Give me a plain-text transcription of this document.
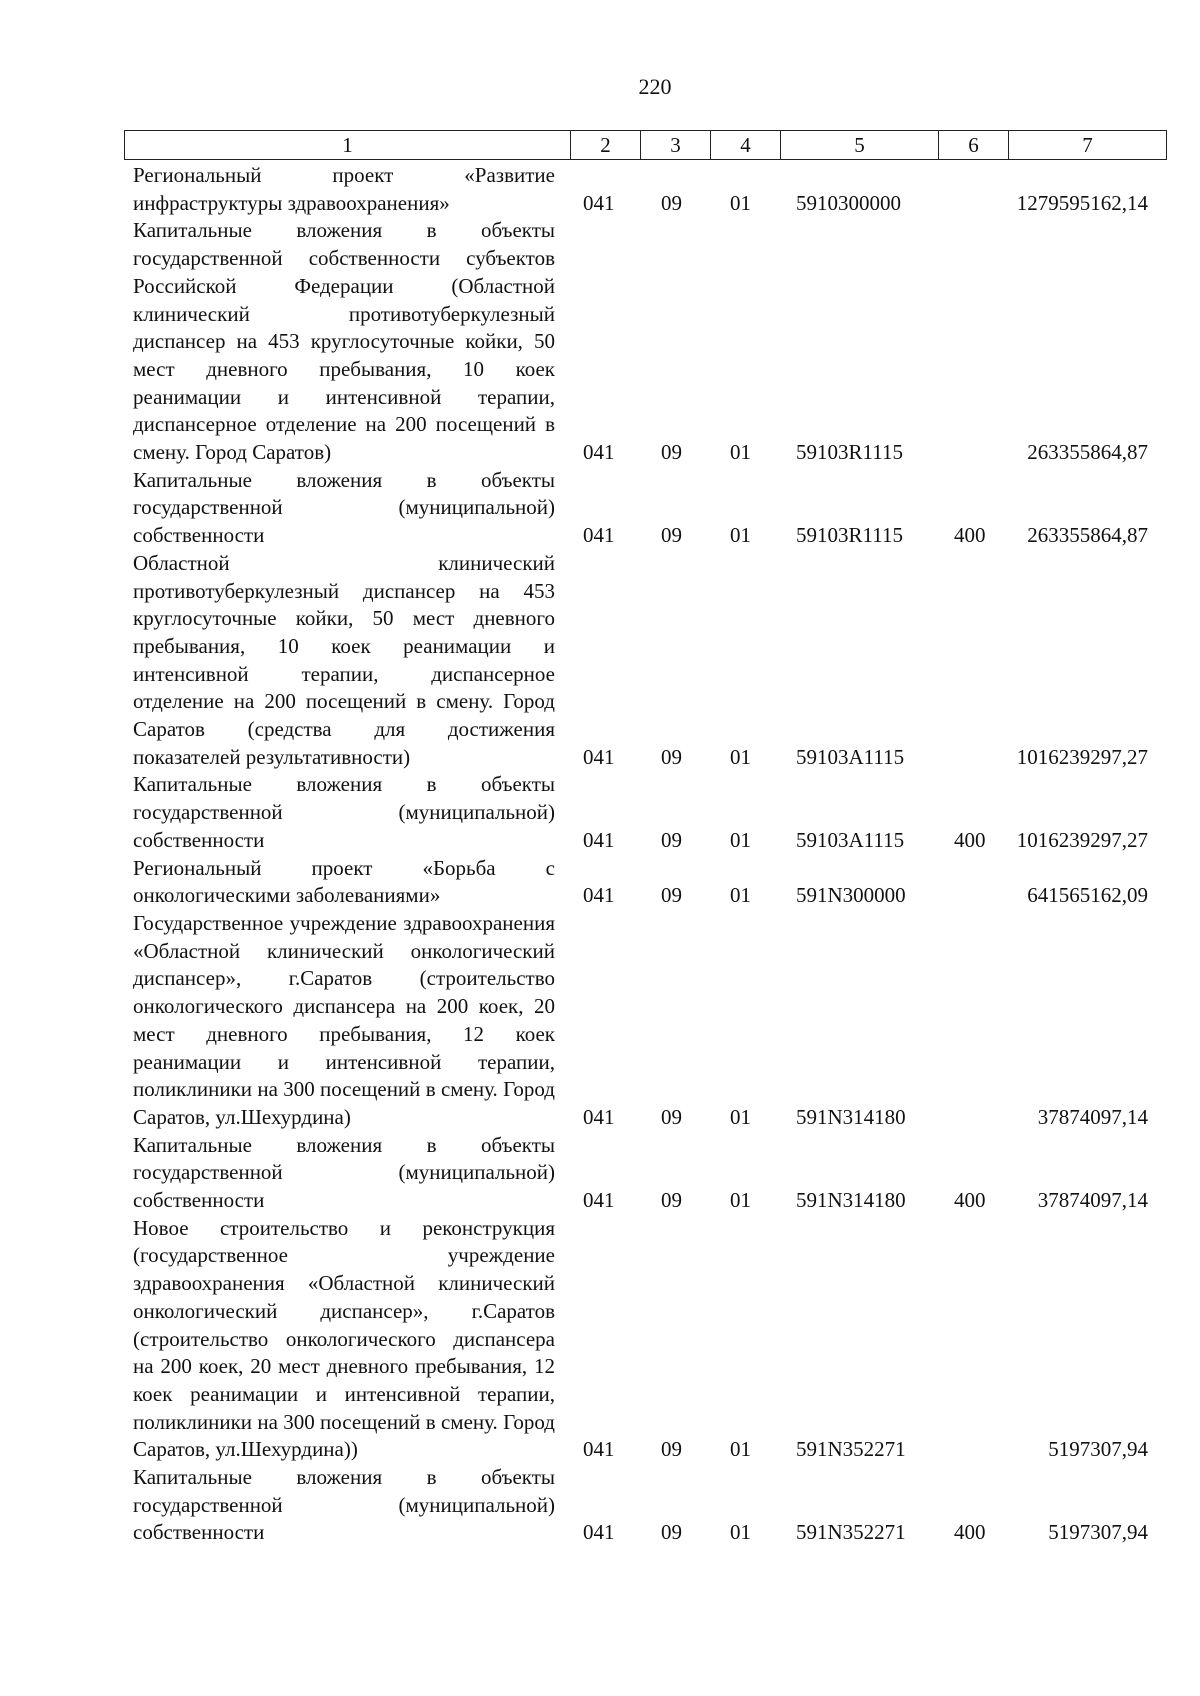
220
1	2	3	4	5	6	7
Региональный проект «Развитие инфраструктуры здравоохранения»	041 09 01 5910300000	1279595162,14
Капитальные вложения в объекты государственной собственности субъектов Российской Федерации (Областной клинический противотуберкулезный диспансер на 453 круглосуточные койки, 50 мест дневного пребывания, 10 коек реанимации и интенсивной терапии, диспансерное отделение на 200 посещений в смену. Город Саратов)	041 09 01 59103R1115	263355864,87
Капитальные вложения в объекты государственной (муниципальной) собственности	041 09 01 59103R1115 400 263355864,87
Областной клинический противотуберкулезный диспансер на 453 круглосуточные койки, 50 мест дневного пребывания, 10 коек реанимации и интенсивной терапии, диспансерное отделение на 200 посещений в смену. Город Саратов (средства для достижения показателей результативности)	041 09 01 59103A1115	1016239297,27
Капитальные вложения в объекты государственной (муниципальной) собственности	041 09 01 59103A1115 400 1016239297,27
Региональный проект «Борьба с онкологическими заболеваниями»	041 09 01 591N300000	641565162,09
Государственное учреждение здравоохранения «Областной клинический онкологический диспансер», г.Саратов (строительство онкологического диспансера на 200 коек, 20 мест дневного пребывания, 12 коек реанимации и интенсивной терапии, поликлиники на 300 посещений в смену. Город Саратов, ул.Шехурдина)	041 09 01 591N314180	37874097,14
Капитальные вложения в объекты государственной (муниципальной) собственности	041 09 01 591N314180 400 37874097,14
Новое строительство и реконструкция (государственное учреждение здравоохранения «Областной клинический онкологический диспансер», г.Саратов (строительство онкологического диспансера на 200 коек, 20 мест дневного пребывания, 12 коек реанимации и интенсивной терапии, поликлиники на 300 посещений в смену. Город Саратов, ул.Шехурдина))	041 09 01 591N352271	5197307,94
Капитальные вложения в объекты государственной (муниципальной) собственности	041 09 01 591N352271 400	5197307,94
